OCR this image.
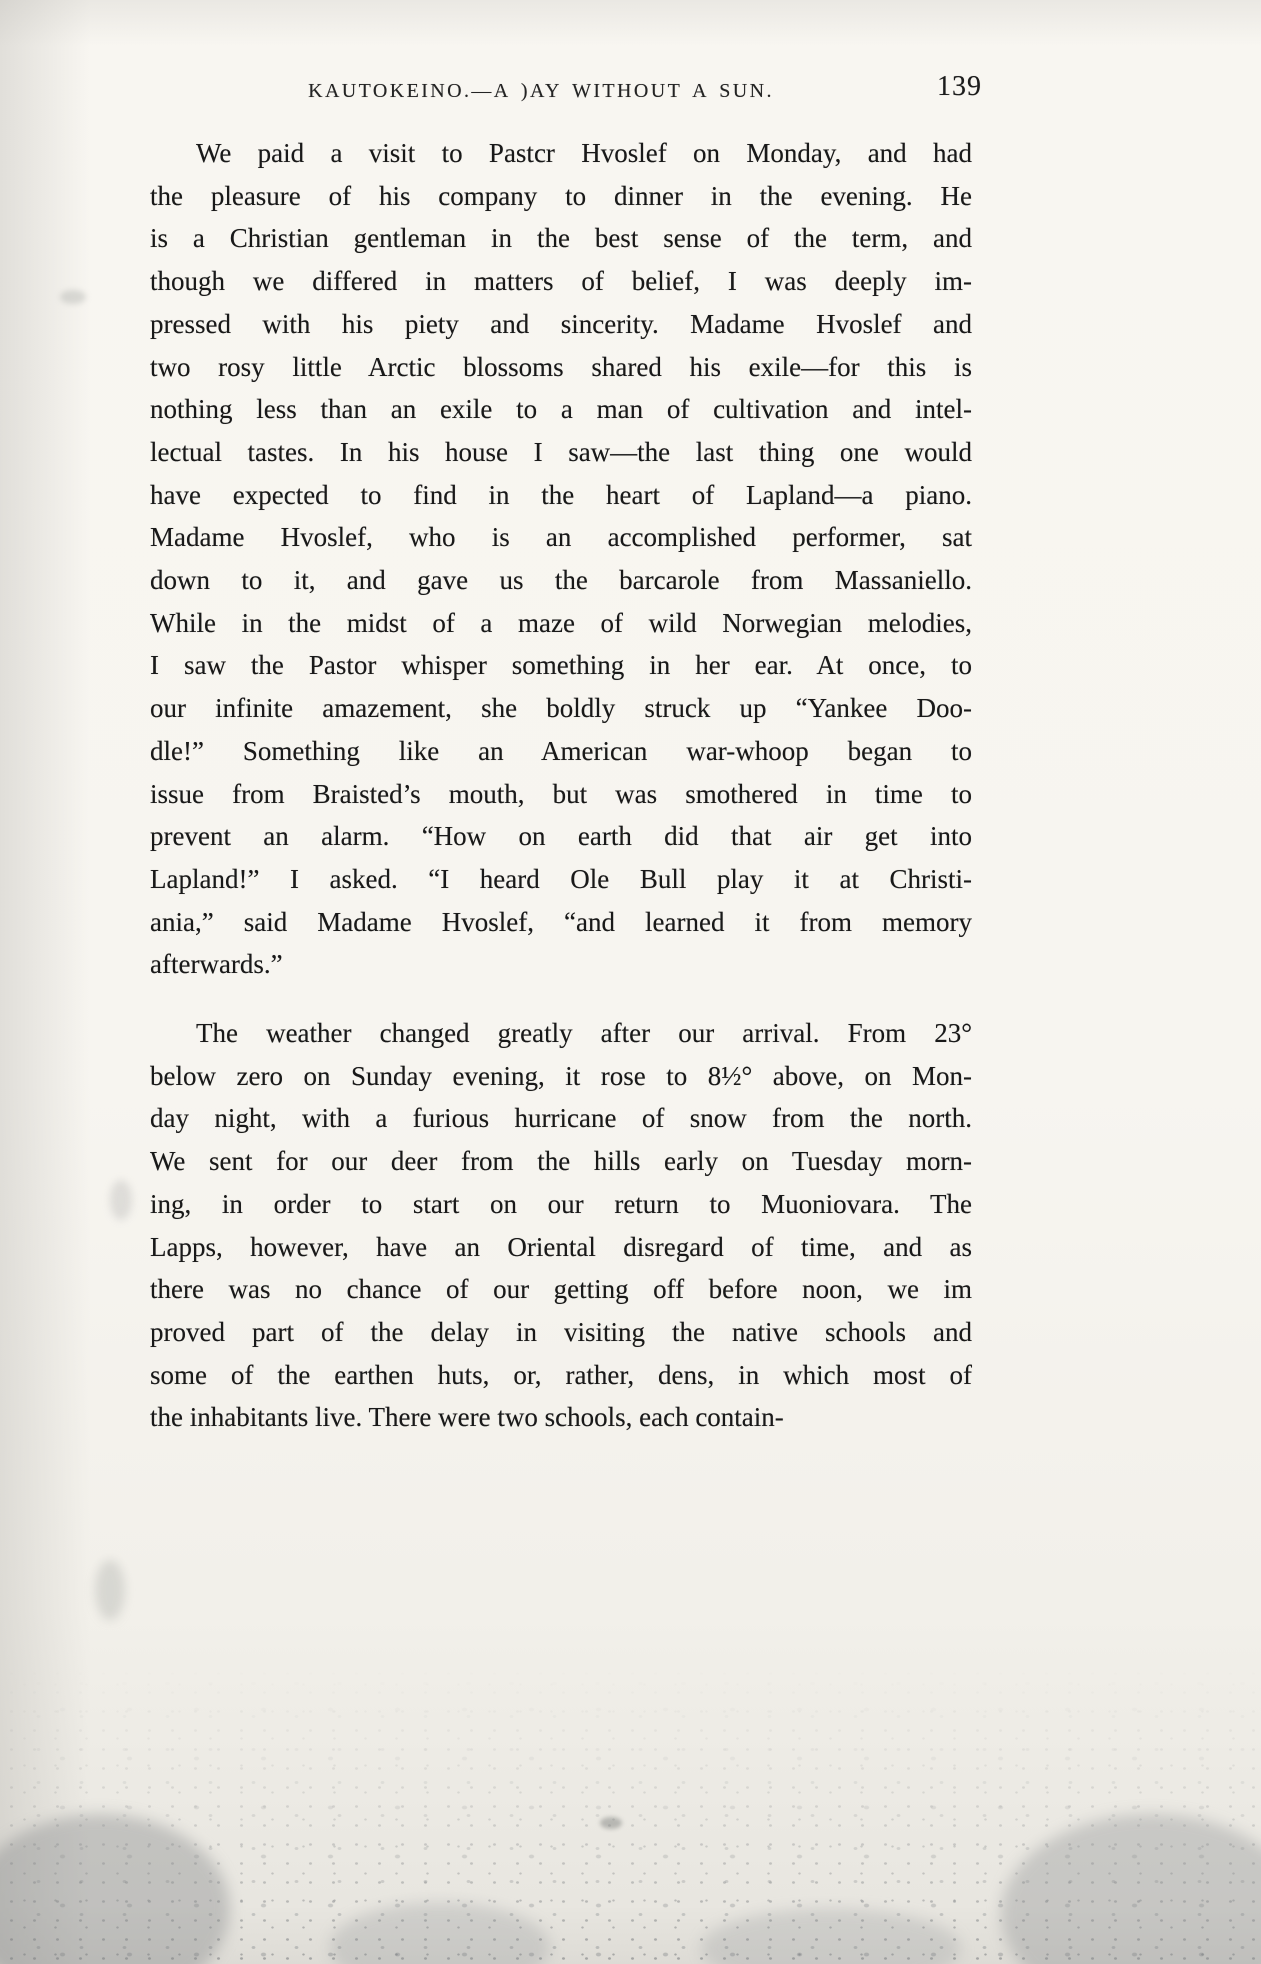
KAUTOKEINO.—A )AY WITHOUT A SUN.	139
We paid a visit to Pastcr Hvoslef on Monday, and had
the pleasure of his company to dinner in the evening. He
is a Christian gentleman in the best sense of the term, and
though we differed in matters of belief, I was deeply im-
pressed with his piety and sincerity. Madame Hvoslef and
two rosy little Arctic blossoms shared his exile—for this is
nothing less than an exile to a man of cultivation and intel-
lectual tastes. In his house I saw—the last thing one would
have expected to find in the heart of Lapland—a piano.
Madame Hvoslef, who is an accomplished performer, sat
down to it, and gave us the barcarole from Massaniello.
While in the midst of a maze of wild Norwegian melodies,
I saw the Pastor whisper something in her ear. At once, to
our infinite amazement, she boldly struck up “Yankee Doo-
dle!” Something like an American war-whoop began to
issue from Braisted’s mouth, but was smothered in time to
prevent an alarm. “How on earth did that air get into
Lapland!” I asked. “I heard Ole Bull play it at Christi-
ania,” said Madame Hvoslef, “and learned it from memory
afterwards.”
The weather changed greatly after our arrival. From 23°
below zero on Sunday evening, it rose to 8½° above, on Mon-
day night, with a furious hurricane of snow from the north.
We sent for our deer from the hills early on Tuesday morn-
ing, in order to start on our return to Muoniovara. The
Lapps, however, have an Oriental disregard of time, and as
there was no chance of our getting off before noon, we im
proved part of the delay in visiting the native schools and
some of the earthen huts, or, rather, dens, in which most of
the inhabitants live. There were two schools, each contain-
